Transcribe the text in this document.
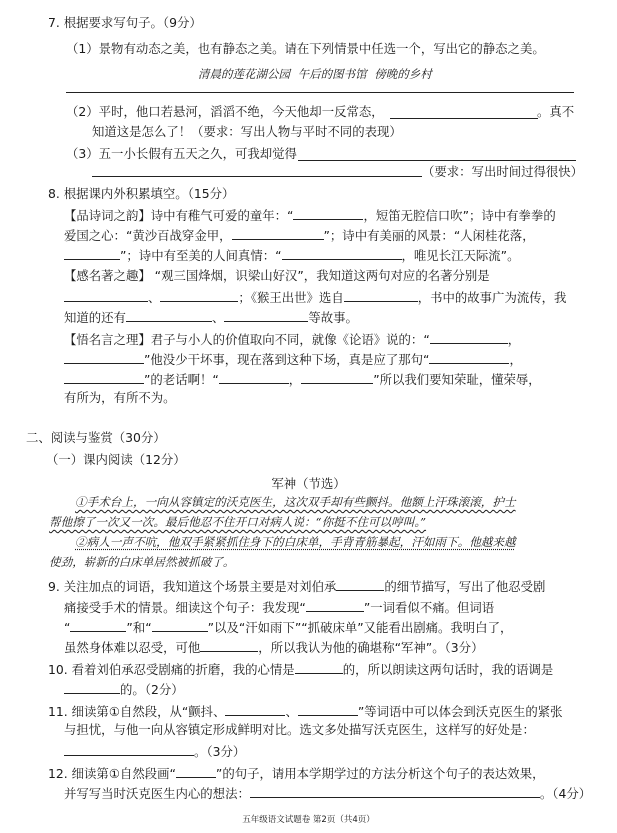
7. 根据要求写句子。（9分）
（1）景物有动态之美，也有静态之美。请在下列情景中任选一个，写出它的静态之美。
清晨的莲花湖公园 午后的图书馆 傍晚的乡村
（2）平时，他口若悬河，滔滔不绝，今天他却一反常态，	。真不
知道这是怎么了！（要求：写出人物与平时不同的表现）
（3）五一小长假有五天之久，可我却觉得
（要求：写出时间过得很快）
8. 根据课内外积累填空。（15分）
【品诗词之韵】诗中有稚气可爱的童年：“	，短笛无腔信口吹”；诗中有拳拳的
爱国之心：“黄沙百战穿金甲，	”；诗中有美丽的风景：“人闲桂花落，
”；诗中有至美的人间真情：“	，唯见长江天际流”。
【感名著之趣】 “观三国烽烟，识梁山好汉”，我知道这两句对应的名著分别是
、	；《猴王出世》选自	，书中的故事广为流传，我
知道的还有	、	等故事。
【悟名言之理】君子与小人的价值取向不同，就像《论语》说的：“	，
”他没少干坏事，现在落到这种下场，真是应了那句“	，
”的老话啊！“	，	”所以我们要知荣耻，懂荣辱，
有所为，有所不为。
二、阅读与鉴赏（30分）
（一）课内阅读（12分）
军神（节选）
①手术台上，一向从容镇定的沃克医生，这次双手却有些颤抖。他额上汗珠滚滚，护士
帮他擦了一次又一次。最后他忍不住开口对病人说：“你挺不住可以哼叫。”
②病人一声不吭，他双手紧紧抓住身下的白床单，手背青筋暴起，汗如雨下。他越来越
使劲，崭新的白床单居然被抓破了。
9. 关注加点的词语，我知道这个场景主要是对刘伯承	的细节描写，写出了他忍受剧
痛接受手术的情景。细读这个句子：我发现“	”一词看似不痛。但词语
“	”和“	”以及“汗如雨下”“抓破床单”又能看出剧痛。我明白了，
虽然身体难以忍受，可他	，所以我认为他的确堪称“军神”。（3分）
10. 看着刘伯承忍受剧痛的折磨，我的心情是	的，所以朗读这两句话时，我的语调是
的。（2分）
11. 细读第①自然段，从“颤抖、	、	”等词语中可以体会到沃克医生的紧张
与担忧，与他一向从容镇定形成鲜明对比。选文多处描写沃克医生，这样写的好处是：
。（3分）
12. 细读第①自然段画“	”的句子，请用本学期学过的方法分析这个句子的表达效果，
并写写当时沃克医生内心的想法：	。（4分）
五年级语文试题卷 第2页（共4页）
